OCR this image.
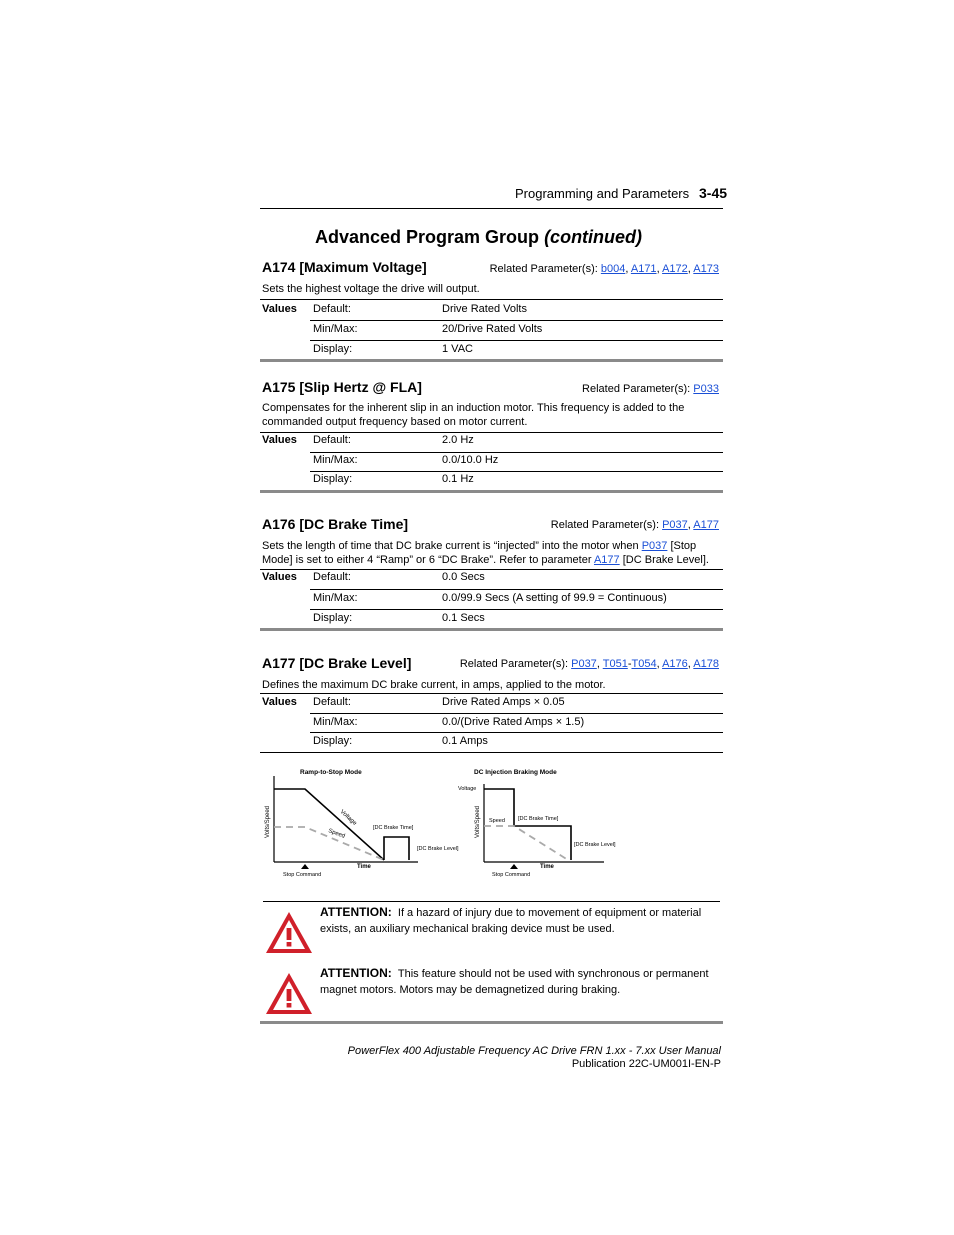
Programming and Parameters 3-45
Advanced Program Group (continued)
A174 [Maximum Voltage]	Related Parameter(s): b004, A171, A172, A173
Sets the highest voltage the drive will output.
Values Default:	Drive Rated Volts
Min/Max:	20/Drive Rated Volts
Display:	1 VAC
A175 [Slip Hertz @ FLA]	Related Parameter(s): P033
Compensates for the inherent slip in an induction motor. This frequency is added to the commanded output frequency based on motor current.
Values Default:	2.0 Hz
Min/Max:	0.0/10.0 Hz
Display:	0.1 Hz
A176 [DC Brake Time]	Related Parameter(s): P037, A177
Sets the length of time that DC brake current is “injected” into the motor when P037 [Stop Mode] is set to either 4 “Ramp” or 6 “DC Brake”. Refer to parameter A177 [DC Brake Level].
Values Default:	0.0 Secs
Min/Max:	0.0/99.9 Secs (A setting of 99.9 = Continuous)
Display:	0.1 Secs
A177 [DC Brake Level]	Related Parameter(s): P037, T051-T054, A176, A178
Defines the maximum DC brake current, in amps, applied to the motor.
Values Default:	Drive Rated Amps × 0.05
Min/Max:	0.0/(Drive Rated Amps × 1.5)
Display:	0.1 Amps
Ramp-to-Stop Mode
Volts/Speed	Voltage
Speed
[DC Brake Time]
[DC Brake Level]
Stop Command
Time
DC Injection Braking Mode
Voltage
Volts/Speed Speed [DC Brake Time]
[DC Brake Level]
Stop Command
Time
ATTENTION: If a hazard of injury due to movement of equipment or material exists, an auxiliary mechanical braking device must be used.
ATTENTION: This feature should not be used with synchronous or permanent magnet motors. Motors may be demagnetized during braking.
PowerFlex 400 Adjustable Frequency AC Drive FRN 1.xx - 7.xx User Manual
Publication 22C-UM001I-EN-P
